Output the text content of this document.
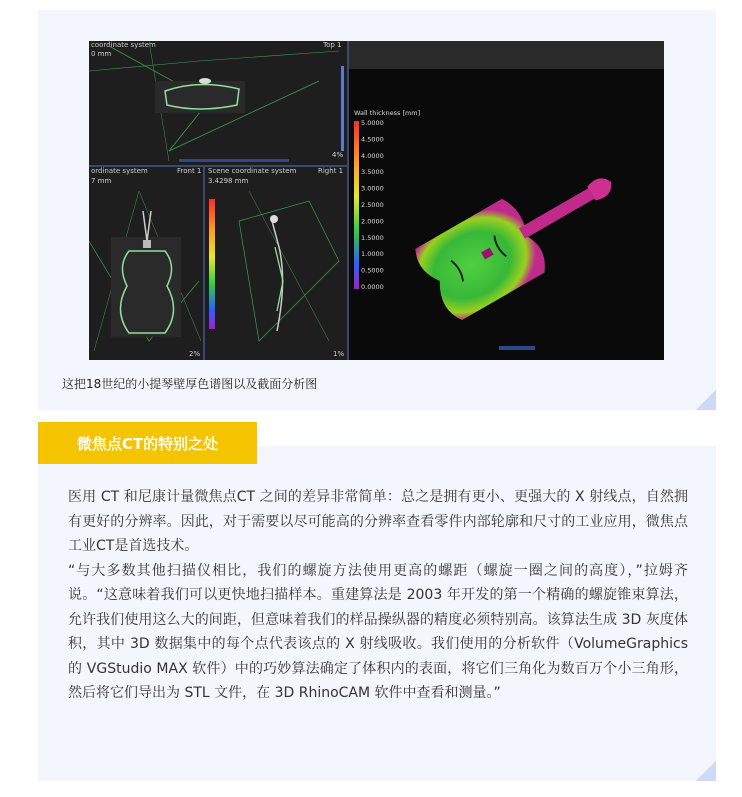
coordinate system
0 mm
Top 1
4%
ordinate system
7 mm
Front 1
2%
Scene coordinate system
3.4298 mm
Right 1
1%
Wall thickness [mm]
5.0000
4.5000
4.0000
3.5000
3.0000
2.5000
2.0000
1.5000
1.0000
0.5000
0.0000
这把18世纪的小提琴壁厚色谱图以及截面分析图
微焦点CT的特别之处

医用 CT 和尼康计量微焦点CT 之间的差异非常简单：总之是拥有更小、更强大的 X 射线点，自然拥有更好的分辨率。因此，对于需要以尽可能高的分辨率查看零件内部轮廓和尺寸的工业应用，微焦点工业CT是首选技术。

“与大多数其他扫描仪相比，我们的螺旋方法使用更高的螺距（螺旋一圈之间的高度），”拉姆齐说。“这意味着我们可以更快地扫描样本。重建算法是 2003 年开发的第一个精确的螺旋锥束算法，允许我们使用这么大的间距，但意味着我们的样品操纵器的精度必须特别高。该算法生成 3D 灰度体积，其中 3D 数据集中的每个点代表该点的 X 射线吸收。我们使用的分析软件（VolumeGraphics 的 VGStudio MAX 软件）中的巧妙算法确定了体积内的表面，将它们三角化为数百万个小三角形，然后将它们导出为 STL 文件，在 3D RhinoCAM 软件中查看和测量。”
